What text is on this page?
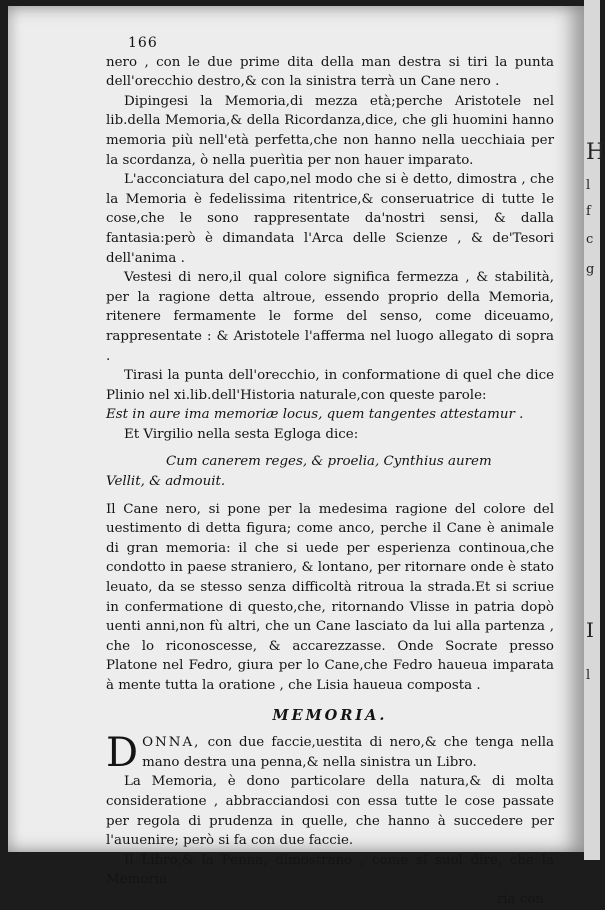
166

nero , con le due prime dita della man destra si tiri la punta dell'orecchio destro,& con la sinistra terrà un Cane nero .

Dipingesi la Memoria,di mezza età;perche Aristotele nel lib.della Memoria,& della Ricordanza,dice, che gli huomini hanno memoria più nell'età perfetta,che non hanno nella uecchiaia per la scordanza, ò nella puerìtia per non hauer imparato.

L'acconciatura del capo,nel modo che si è detto, dimostra , che la Memoria è fedelissima ritentrice,& conseruatrice di tutte le cose,che le sono rappresentate da'nostri sensi, & dalla fantasia:però è dimandata l'Arca delle Scienze , & de'Tesori dell'anima .

Vestesi di nero,il qual colore significa fermezza , & stabilità, per la ragione detta altroue, essendo proprio della Memoria, ritenere fermamente le forme del senso, come diceuamo, rappresentate : & Aristotele l'afferma nel luogo allegato di sopra .

Tirasi la punta dell'orecchio, in conformatione di quel che dice Plinio nel xi.lib.dell'Historia naturale,con queste parole:

Est in aure ima memoriæ locus, quem tangentes attestamur .

Et Virgilio nella sesta Egloga dice:

Cum canerem reges, & proelia, Cynthius aurem

Vellit, & admouit.

Il Cane nero, si pone per la medesima ragione del colore del uestimento di detta figura; come anco, perche il Cane è animale di gran memoria: il che si uede per esperienza continoua,che condotto in paese straniero, & lontano, per ritornare onde è stato leuato, da se stesso senza difficoltà ritroua la strada.Et si scriue in confermatione di questo,che, ritornando Vlisse in patria dopò uenti anni,non fù altri, che un Cane lasciato da lui alla partenza , che lo riconoscesse, & accarezzasse. Onde Socrate presso Platone nel Fedro, giura per lo Cane,che Fedro haueua imparata à mente tutta la oratione , che Lisia haueua composta .

MEMORIA.

DONNA, con due faccie,uestita di nero,& che tenga nella mano destra una penna,& nella sinistra un Libro.

La Memoria, è dono particolare della natura,& di molta consideratione , abbracciandosi con essa tutte le cose passate per regola di prudenza in quelle, che hanno à succedere per l'auuenire; però si fa con due faccie.

Il Libro,& la Penna, dimostrano , come si suol dire, che la Memoria

ria con

H
l
f
c
g
I
l
